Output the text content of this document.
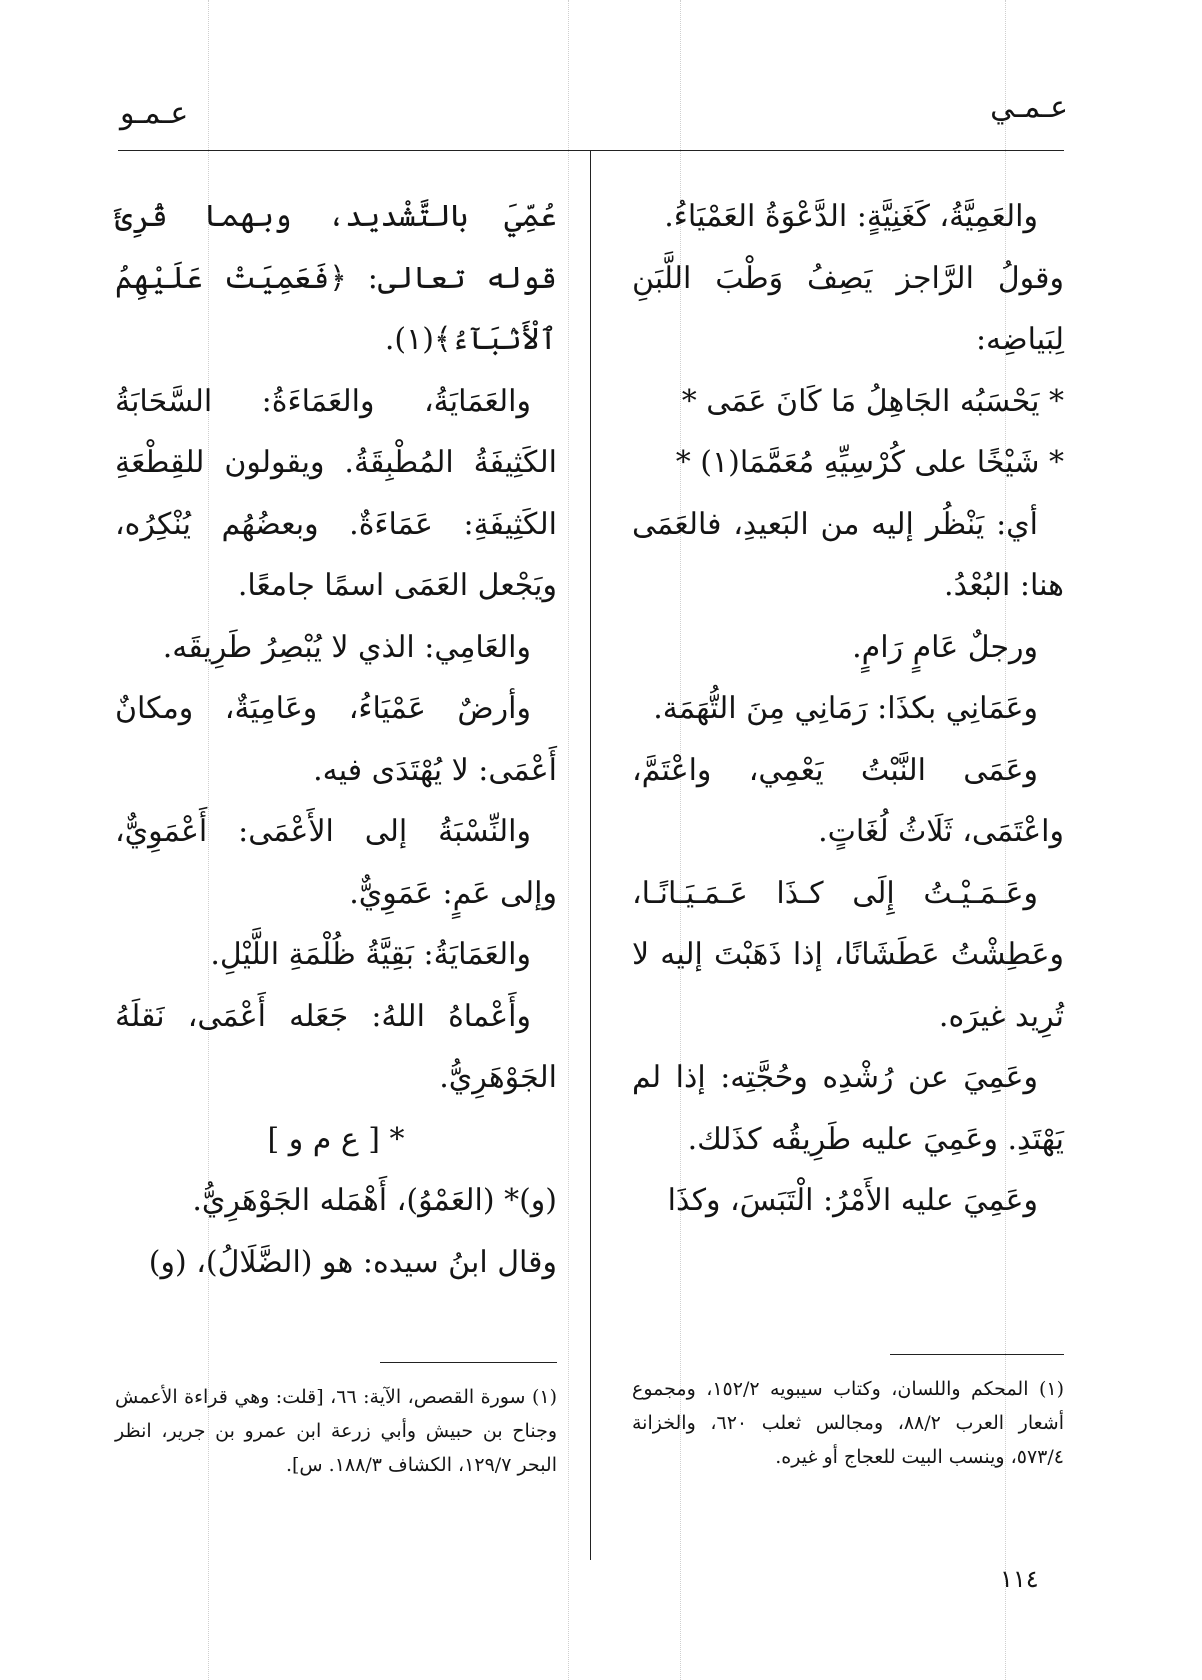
عـمـو	عـمـي

والعَمِيَّةُ، كَغَنِيَّةٍ: الدَّعْوَةُ العَمْيَاءُ.

وقولُ الرَّاجز يَصِفُ وَطْبَ اللَّبَنِ لِبَياضِه:

* يَحْسَبُه الجَاهِلُ مَا كَانَ عَمَى *

* شَيْخًا على كُرْسِيِّهِ مُعَمَّمَا(١) *

أي: يَنْظُر إليه من البَعيدِ، فالعَمَى هنا: البُعْدُ.

ورجلٌ عَامٍ رَامٍ.

وعَمَانِي بكذَا: رَمَانِي مِنَ التُّهَمَة.

وعَمَى النَّبْتُ يَعْمِي، واعْتَمَّ، واعْتَمَى، ثَلَاثُ لُغَاتٍ.

وعَـمَـيْـتُ إِلَى كـذَا عَـمَـيَـانًـا، وعَطِشْتُ عَطَشَانًا، إذا ذَهَبْتَ إليه لا تُرِيد غيرَه.

وعَمِيَ عن رُشْدِه وحُجَّتِه: إذا لم يَهْتَدِ. وعَمِيَ عليه طَرِيقُه كذَلك.

وعَمِيَ عليه الأَمْرُ: الْتَبَسَ، وكذَا

عُمِّيَ بالتَّشْديد، وبهما قُرِئَ قوله تعالى: ﴿فَعَمِيَتْ عَلَيْهِمُ ٱلْأَنۢبَآءُ﴾(١).

والعَمَايَةُ، والعَمَاءَةُ: السَّحَابَةُ الكَثِيفَةُ المُطْبِقَةُ. ويقولون للقِطْعَةِ الكَثِيفَةِ: عَمَاءَةٌ. وبعضُهُم يُنْكِرُه، ويَجْعل العَمَى اسمًا جامعًا.

والعَامِي: الذي لا يُبْصِرُ طَرِيقَه.

وأرضٌ عَمْيَاءُ، وعَامِيَةٌ، ومكانٌ أَعْمَى: لا يُهْتَدَى فيه.

والنِّسْبَةُ إلى الأَعْمَى: أَعْمَوِيٌّ، وإلى عَمٍ: عَمَوِيٌّ.

والعَمَايَةُ: بَقِيَّةُ ظُلْمَةِ اللَّيْلِ.

وأَعْماهُ اللهُ: جَعَله أَعْمَى، نَقلَهُ الجَوْهَرِيُّ.

* [ ع م و ]

(و)* (العَمْوُ)، أَهْمَله الجَوْهَرِيُّ.

وقال ابنُ سيده: هو (الضَّلَالُ)، (و)

(١) المحكم واللسان، وكتاب سيبويه ١٥٢/٢، ومجموع أشعار العرب ٨٨/٢، ومجالس ثعلب ٦٢٠، والخزانة ٥٧٣/٤، وينسب البيت للعجاج أو غيره.

(١) سورة القصص، الآية: ٦٦، [قلت: وهي قراءة الأعمش وجناح بن حبيش وأبي زرعة ابن عمرو بن جرير، انظر البحر ١٢٩/٧، الكشاف ١٨٨/٣. س].

١١٤
